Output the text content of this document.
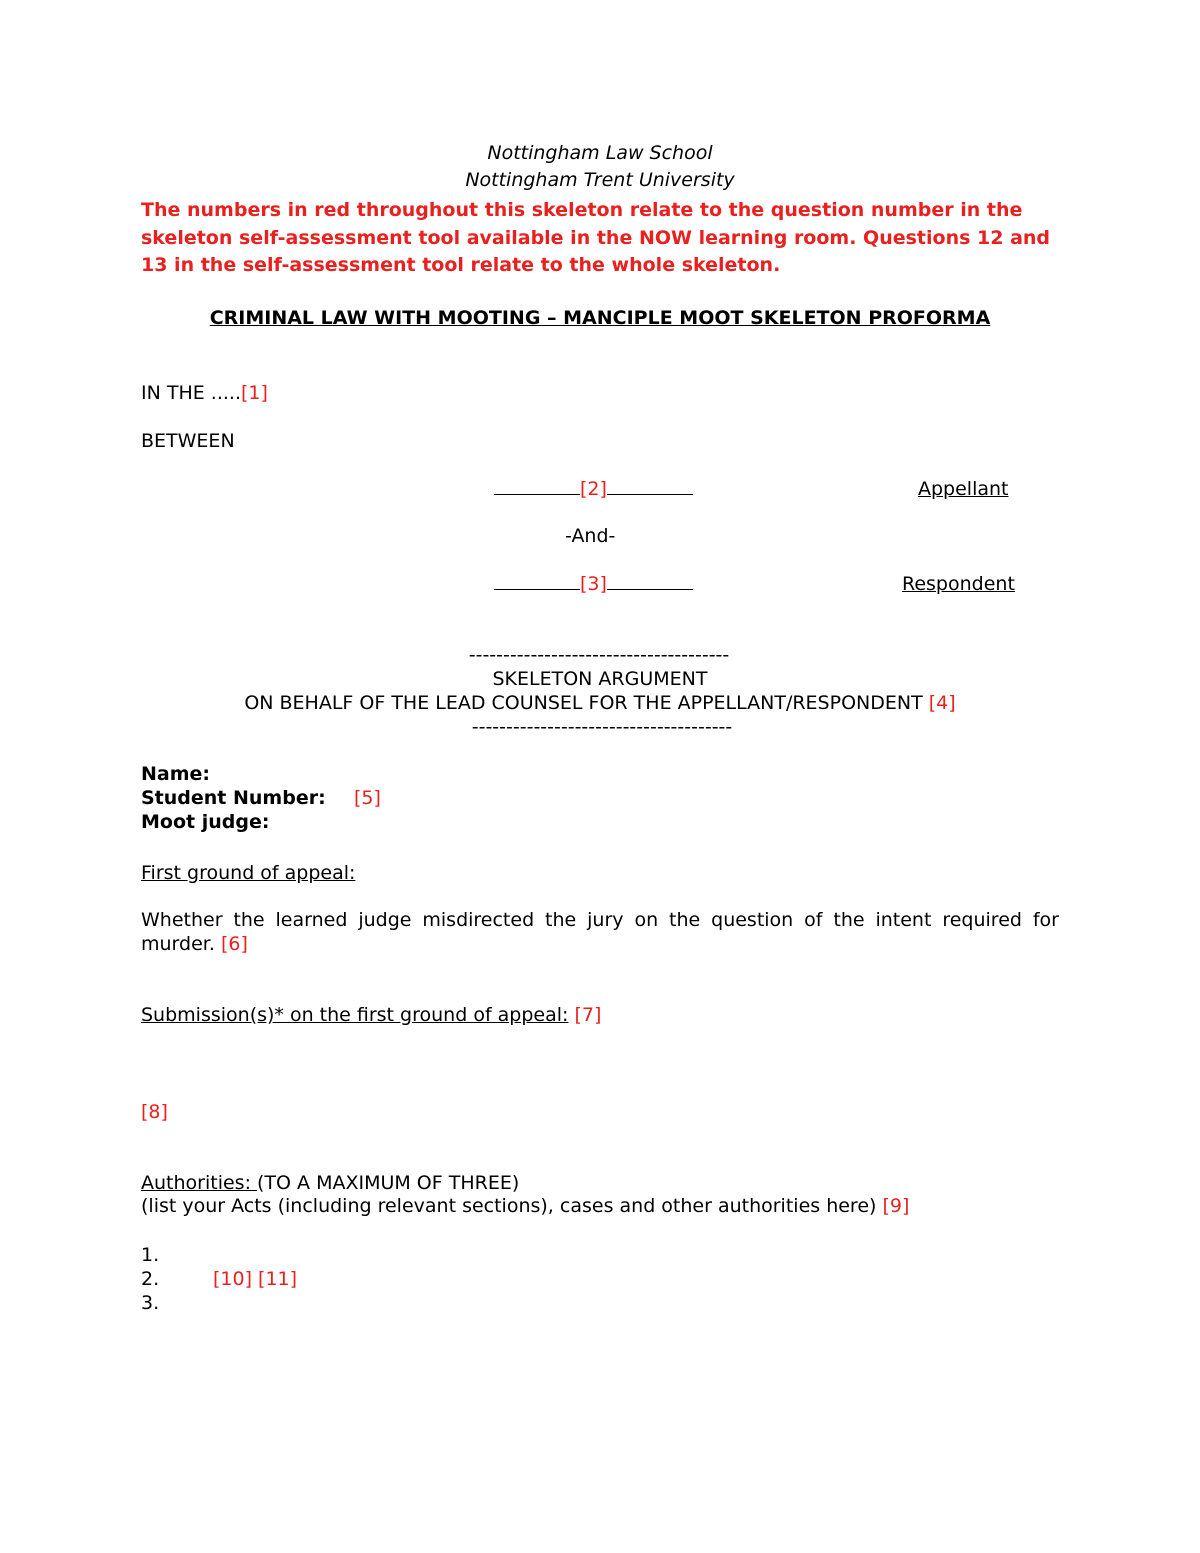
Nottingham Law School
Nottingham Trent University
The numbers in red throughout this skeleton relate to the question number in the skeleton self-assessment tool available in the NOW learning room. Questions 12 and 13 in the self-assessment tool relate to the whole skeleton.
CRIMINAL LAW WITH MOOTING – MANCIPLE MOOT SKELETON PROFORMA
IN THE .....[1]
BETWEEN
[2]	Appellant
-And-
[3]	Respondent
--------------------------------------
SKELETON ARGUMENT
ON BEHALF OF THE LEAD COUNSEL FOR THE APPELLANT/RESPONDENT [4]
--------------------------------------
Name:
Student Number: [5]
Moot judge:
First ground of appeal:
Whether the learned judge misdirected the jury on the question of the intent required for
murder. [6]
Submission(s)* on the first ground of appeal: [7]
[8]
Authorities: (TO A MAXIMUM OF THREE)
(list your Acts (including relevant sections), cases and other authorities here) [9]
1.
2.	[10] [11]
3.
